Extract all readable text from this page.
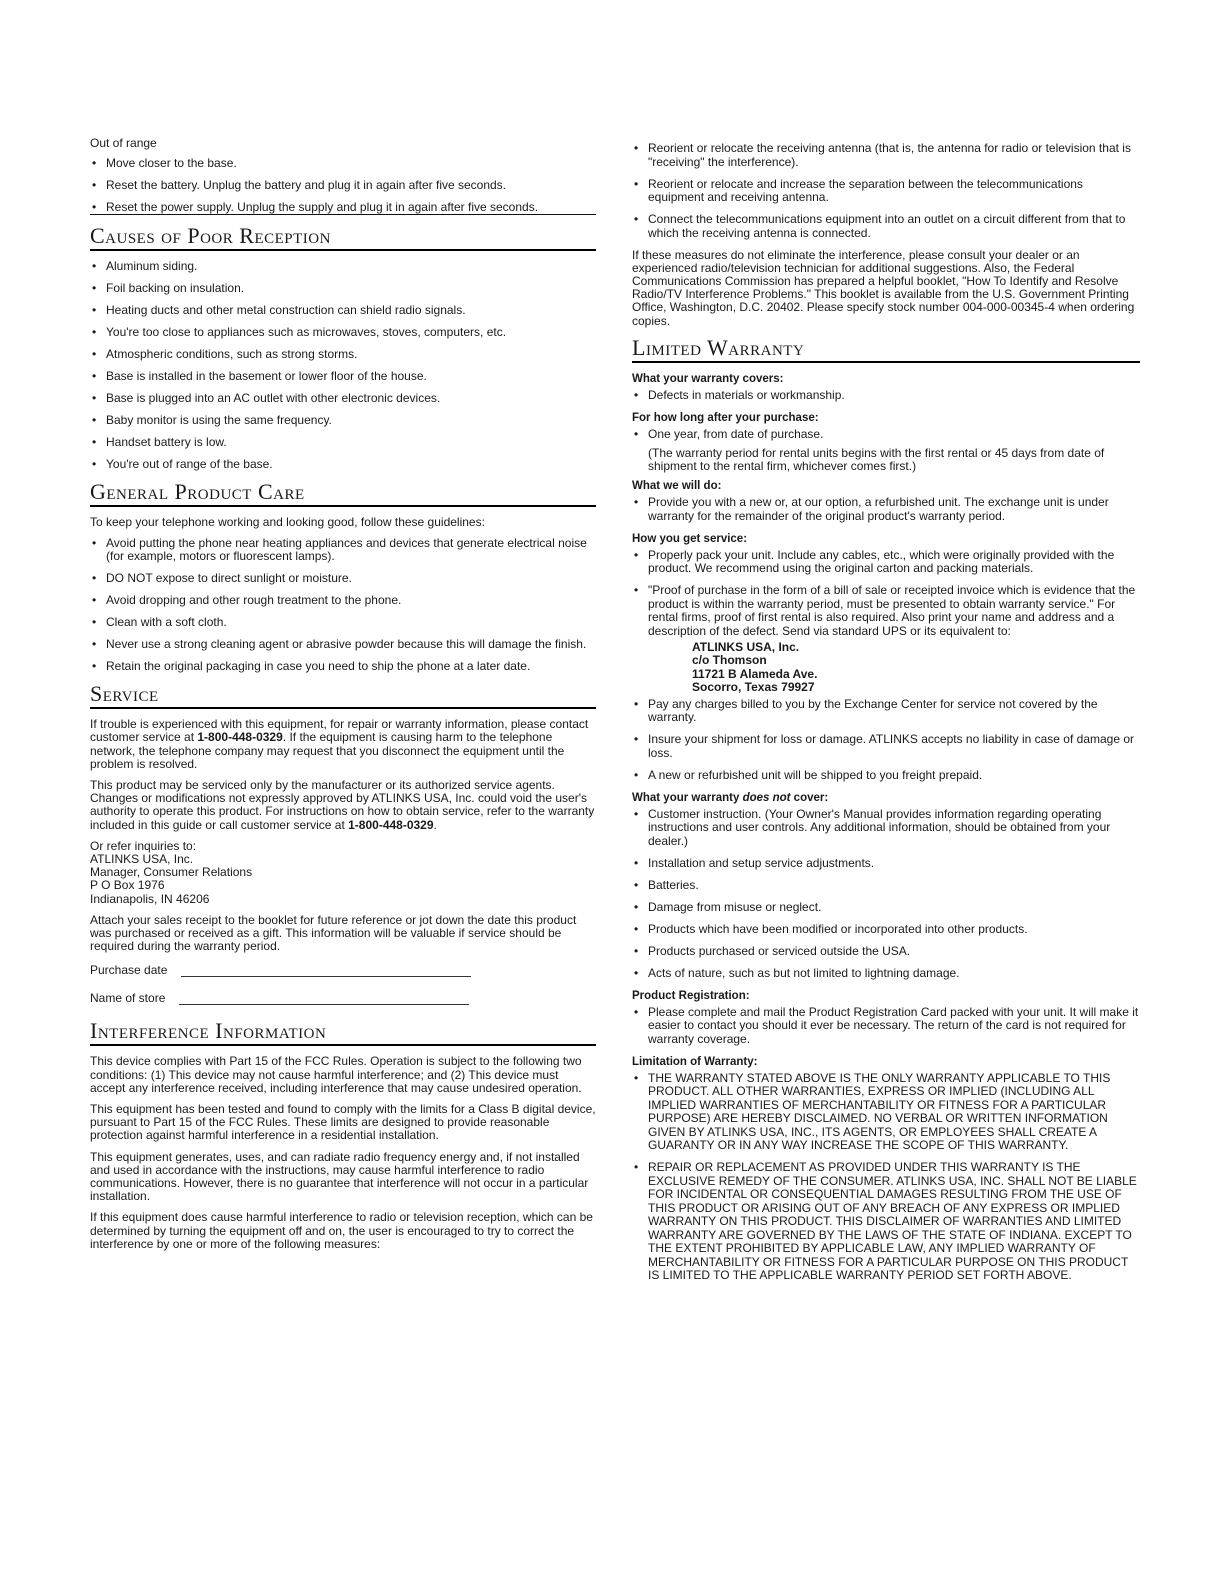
Out of range

• Move closer to the base.
• Reset the battery. Unplug the battery and plug it in again after five seconds.
• Reset the power supply. Unplug the supply and plug it in again after five seconds.
Causes of Poor Reception
• Aluminum siding.
• Foil backing on insulation.
• Heating ducts and other metal construction can shield radio signals.
• You're too close to appliances such as microwaves, stoves, computers, etc.
• Atmospheric conditions, such as strong storms.
• Base is installed in the basement or lower floor of the house.
• Base is plugged into an AC outlet with other electronic devices.
• Baby monitor is using the same frequency.
• Handset battery is low.
• You're out of range of the base.
General Product Care

To keep your telephone working and looking good, follow these guidelines:

• Avoid putting the phone near heating appliances and devices that generate electrical noise (for example, motors or fluorescent lamps).
• DO NOT expose to direct sunlight or moisture.
• Avoid dropping and other rough treatment to the phone.
• Clean with a soft cloth.
• Never use a strong cleaning agent or abrasive powder because this will damage the finish.
• Retain the original packaging in case you need to ship the phone at a later date.
Service

If trouble is experienced with this equipment, for repair or warranty information, please contact customer service at 1-800-448-0329. If the equipment is causing harm to the telephone network, the telephone company may request that you disconnect the equipment until the problem is resolved.

This product may be serviced only by the manufacturer or its authorized service agents. Changes or modifications not expressly approved by ATLINKS USA, Inc. could void the user's authority to operate this product. For instructions on how to obtain service, refer to the warranty included in this guide or call customer service at 1-800-448-0329.

Or refer inquiries to:
ATLINKS USA, Inc.
Manager, Consumer Relations
P O Box 1976
Indianapolis, IN 46206

Attach your sales receipt to the booklet for future reference or jot down the date this product was purchased or received as a gift. This information will be valuable if service should be required during the warranty period.

Purchase date
Name of store
Interference Information

This device complies with Part 15 of the FCC Rules. Operation is subject to the following two conditions: (1) This device may not cause harmful interference; and (2) This device must accept any interference received, including interference that may cause undesired operation.

This equipment has been tested and found to comply with the limits for a Class B digital device, pursuant to Part 15 of the FCC Rules. These limits are designed to provide reasonable protection against harmful interference in a residential installation.

This equipment generates, uses, and can radiate radio frequency energy and, if not installed and used in accordance with the instructions, may cause harmful interference to radio communications. However, there is no guarantee that interference will not occur in a particular installation.

If this equipment does cause harmful interference to radio or television reception, which can be determined by turning the equipment off and on, the user is encouraged to try to correct the interference by one or more of the following measures:

• Reorient or relocate the receiving antenna (that is, the antenna for radio or television that is "receiving" the interference).
• Reorient or relocate and increase the separation between the telecommunications equipment and receiving antenna.
• Connect the telecommunications equipment into an outlet on a circuit different from that to which the receiving antenna is connected.

If these measures do not eliminate the interference, please consult your dealer or an experienced radio/television technician for additional suggestions. Also, the Federal Communications Commission has prepared a helpful booklet, "How To Identify and Resolve Radio/TV Interference Problems." This booklet is available from the U.S. Government Printing Office, Washington, D.C. 20402. Please specify stock number 004-000-00345-4 when ordering copies.

Limited Warranty
What your warranty covers:
• Defects in materials or workmanship.
For how long after your purchase:
• One year, from date of purchase.

(The warranty period for rental units begins with the first rental or 45 days from date of shipment to the rental firm, whichever comes first.)

What we will do:
• Provide you with a new or, at our option, a refurbished unit. The exchange unit is under warranty for the remainder of the original product's warranty period.
How you get service:
• Properly pack your unit. Include any cables, etc., which were originally provided with the product. We recommend using the original carton and packing materials.
• "Proof of purchase in the form of a bill of sale or receipted invoice which is evidence that the product is within the warranty period, must be presented to obtain warranty service." For rental firms, proof of first rental is also required. Also print your name and address and a description of the defect. Send via standard UPS or its equivalent to:
ATLINKS USA, Inc.
c/o Thomson
11721 B Alameda Ave.
Socorro, Texas 79927
• Pay any charges billed to you by the Exchange Center for service not covered by the warranty.
• Insure your shipment for loss or damage. ATLINKS accepts no liability in case of damage or loss.
• A new or refurbished unit will be shipped to you freight prepaid.
What your warranty does not cover:
• Customer instruction. (Your Owner's Manual provides information regarding operating instructions and user controls. Any additional information, should be obtained from your dealer.)
• Installation and setup service adjustments.
• Batteries.
• Damage from misuse or neglect.
• Products which have been modified or incorporated into other products.
• Products purchased or serviced outside the USA.
• Acts of nature, such as but not limited to lightning damage.
Product Registration:
• Please complete and mail the Product Registration Card packed with your unit. It will make it easier to contact you should it ever be necessary. The return of the card is not required for warranty coverage.
Limitation of Warranty:
• THE WARRANTY STATED ABOVE IS THE ONLY WARRANTY APPLICABLE TO THIS PRODUCT. ALL OTHER WARRANTIES, EXPRESS OR IMPLIED (INCLUDING ALL IMPLIED WARRANTIES OF MERCHANTABILITY OR FITNESS FOR A PARTICULAR PURPOSE) ARE HEREBY DISCLAIMED. NO VERBAL OR WRITTEN INFORMATION GIVEN BY ATLINKS USA, INC., ITS AGENTS, OR EMPLOYEES SHALL CREATE A GUARANTY OR IN ANY WAY INCREASE THE SCOPE OF THIS WARRANTY.
• REPAIR OR REPLACEMENT AS PROVIDED UNDER THIS WARRANTY IS THE EXCLUSIVE REMEDY OF THE CONSUMER. ATLINKS USA, INC. SHALL NOT BE LIABLE FOR INCIDENTAL OR CONSEQUENTIAL DAMAGES RESULTING FROM THE USE OF THIS PRODUCT OR ARISING OUT OF ANY BREACH OF ANY EXPRESS OR IMPLIED WARRANTY ON THIS PRODUCT. THIS DISCLAIMER OF WARRANTIES AND LIMITED WARRANTY ARE GOVERNED BY THE LAWS OF THE STATE OF INDIANA. EXCEPT TO THE EXTENT PROHIBITED BY APPLICABLE LAW, ANY IMPLIED WARRANTY OF MERCHANTABILITY OR FITNESS FOR A PARTICULAR PURPOSE ON THIS PRODUCT IS LIMITED TO THE APPLICABLE WARRANTY PERIOD SET FORTH ABOVE.
